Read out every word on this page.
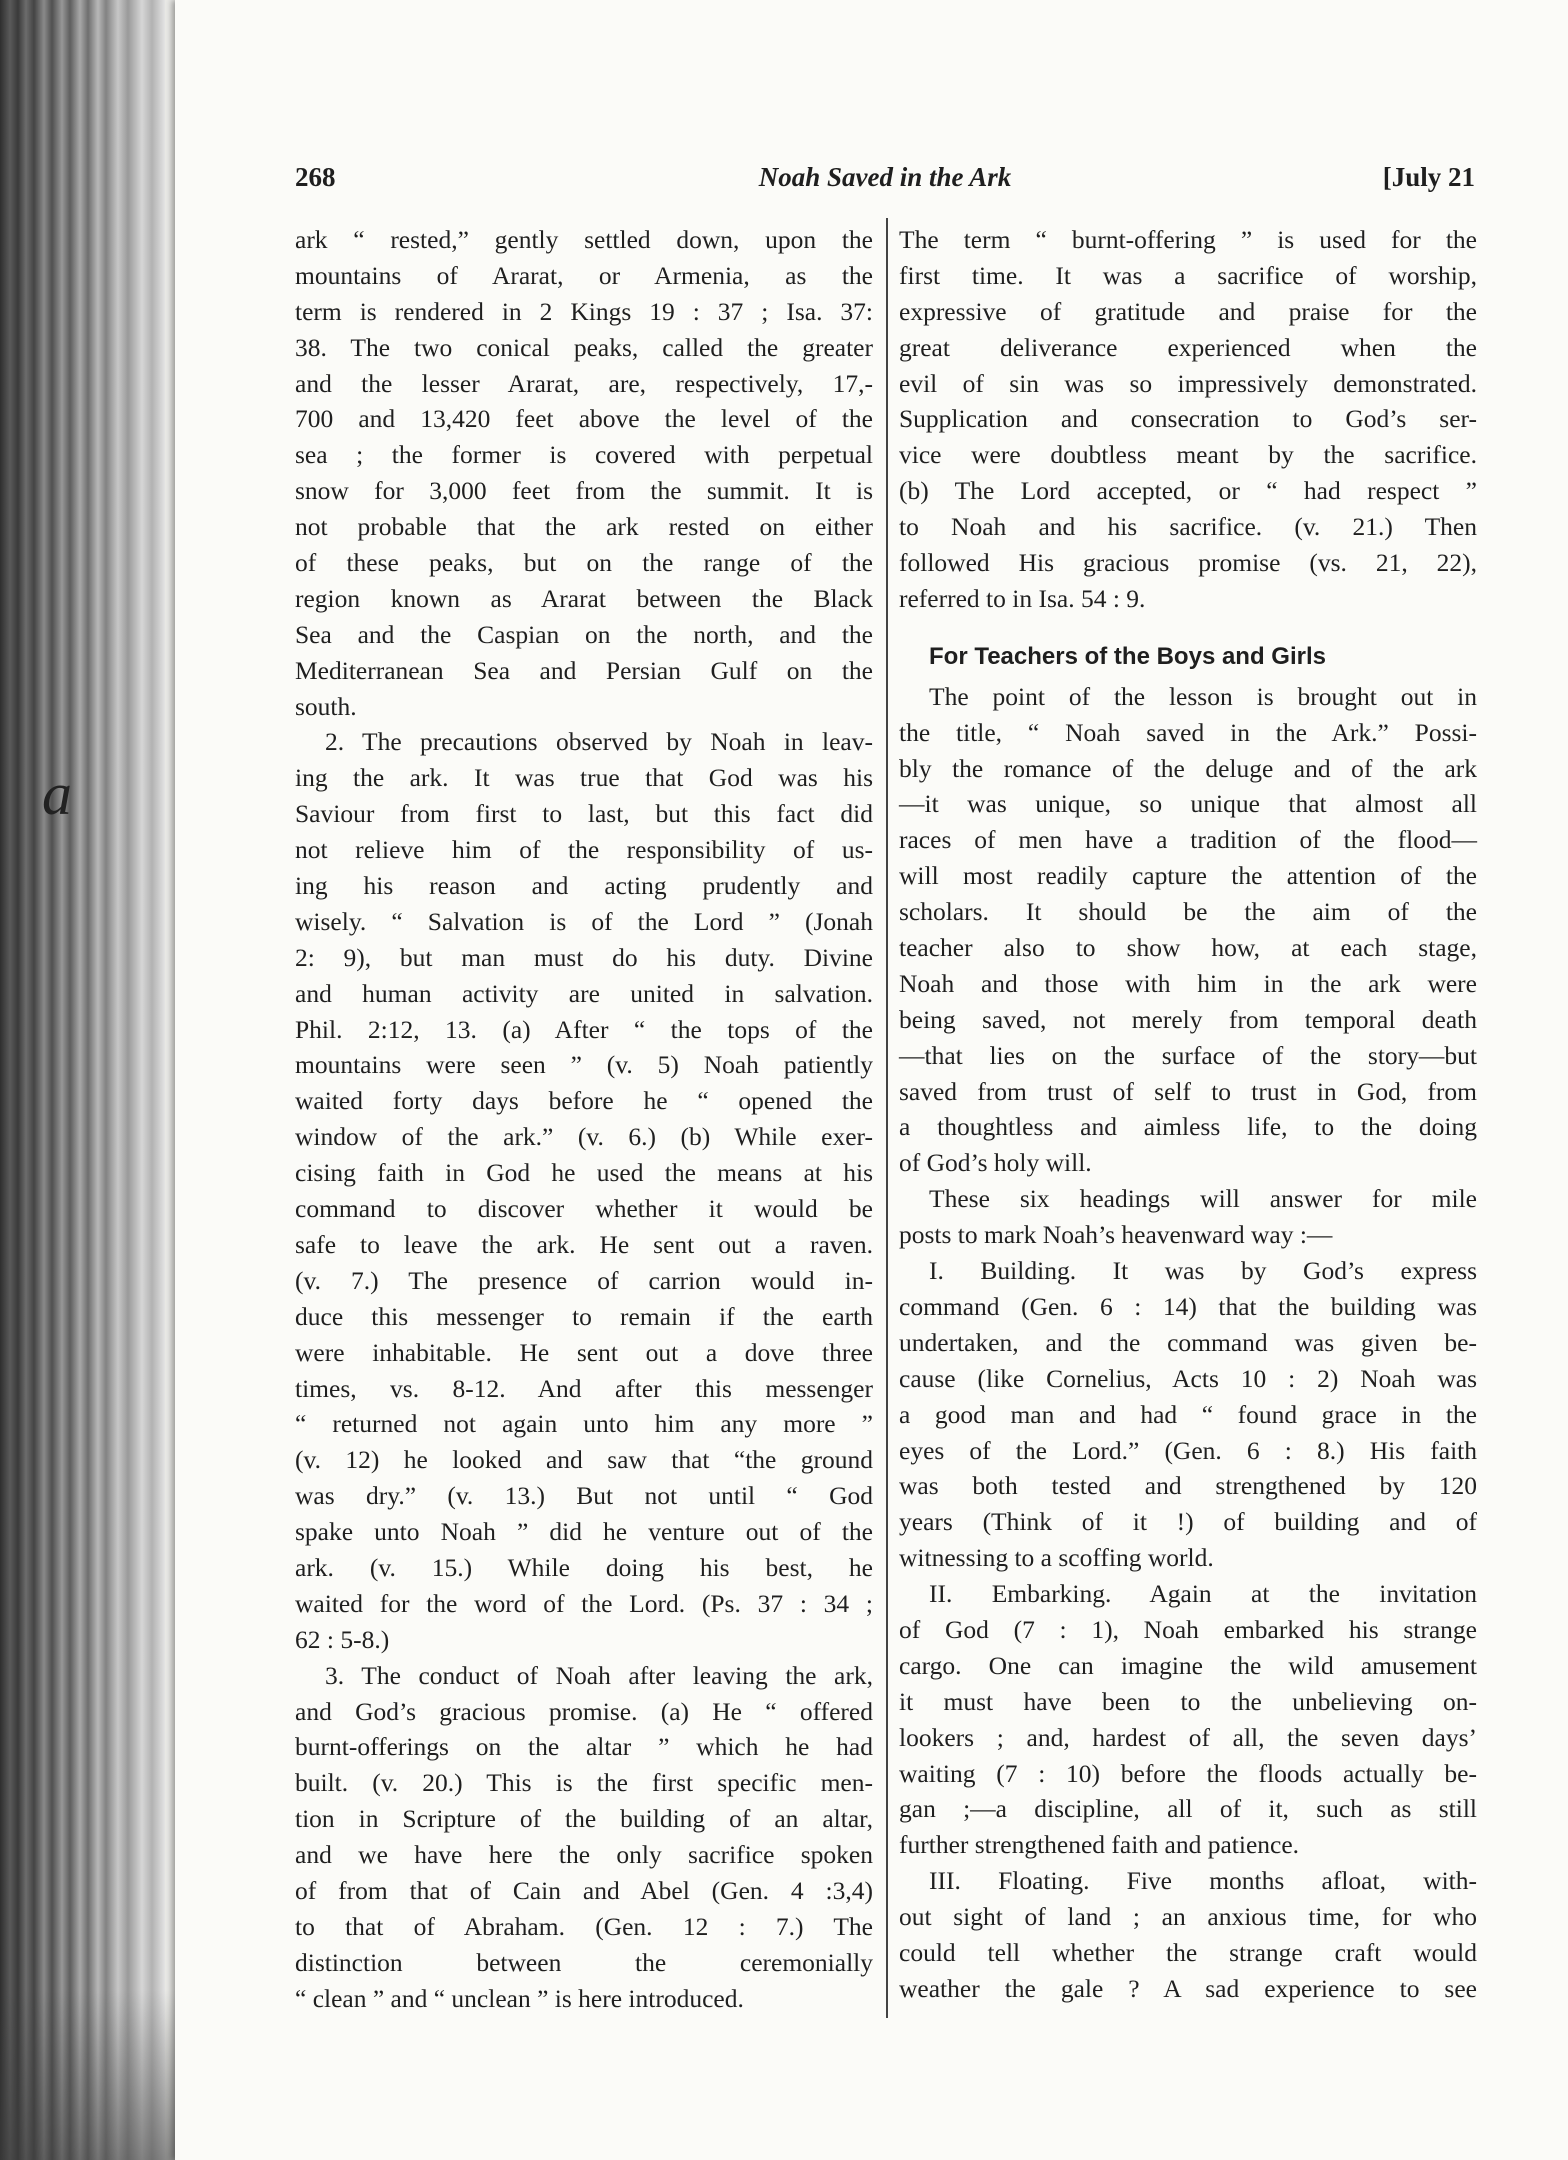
a
Noah Saved in the Ark
268	[July 21
ark “ rested,” gently settled down, upon the
mountains of Ararat, or Armenia, as the
term is rendered in 2 Kings 19 : 37 ; Isa. 37:
38. The two conical peaks, called the greater
and the lesser Ararat, are, respectively, 17,-
700 and 13,420 feet above the level of the
sea ; the former is covered with perpetual
snow for 3,000 feet from the summit. It is
not probable that the ark rested on either
of these peaks, but on the range of the
region known as Ararat between the Black
Sea and the Caspian on the north, and the
Mediterranean Sea and Persian Gulf on the
south.
2. The precautions observed by Noah in leav-
ing the ark. It was true that God was his
Saviour from first to last, but this fact did
not relieve him of the responsibility of us-
ing his reason and acting prudently and
wisely. “ Salvation is of the Lord ” (Jonah
2: 9), but man must do his duty. Divine
and human activity are united in salvation.
Phil. 2:12, 13. (a) After “ the tops of the
mountains were seen ” (v. 5) Noah patiently
waited forty days before he “ opened the
window of the ark.” (v. 6.) (b) While exer-
cising faith in God he used the means at his
command to discover whether it would be
safe to leave the ark. He sent out a raven.
(v. 7.) The presence of carrion would in-
duce this messenger to remain if the earth
were inhabitable. He sent out a dove three
times, vs. 8-12. And after this messenger
“ returned not again unto him any more ”
(v. 12) he looked and saw that “the ground
was dry.” (v. 13.) But not until “ God
spake unto Noah ” did he venture out of the
ark. (v. 15.) While doing his best, he
waited for the word of the Lord. (Ps. 37 : 34 ;
62 : 5-8.)
3. The conduct of Noah after leaving the ark,
and God’s gracious promise. (a) He “ offered
burnt-offerings on the altar ” which he had
built. (v. 20.) This is the first specific men-
tion in Scripture of the building of an altar,
and we have here the only sacrifice spoken
of from that of Cain and Abel (Gen. 4 :3,4)
to that of Abraham. (Gen. 12 : 7.) The
distinction between the ceremonially
“ clean ” and “ unclean ” is here introduced.
The term “ burnt-offering ” is used for the
first time. It was a sacrifice of worship,
expressive of gratitude and praise for the
great deliverance experienced when the
evil of sin was so impressively demonstrated.
Supplication and consecration to God’s ser-
vice were doubtless meant by the sacrifice.
(b) The Lord accepted, or “ had respect ”
to Noah and his sacrifice. (v. 21.) Then
followed His gracious promise (vs. 21, 22),
referred to in Isa. 54 : 9.
For Teachers of the Boys and Girls
The point of the lesson is brought out in
the title, “ Noah saved in the Ark.” Possi-
bly the romance of the deluge and of the ark
—it was unique, so unique that almost all
races of men have a tradition of the flood—
will most readily capture the attention of the
scholars. It should be the aim of the
teacher also to show how, at each stage,
Noah and those with him in the ark were
being saved, not merely from temporal death
—that lies on the surface of the story—but
saved from trust of self to trust in God, from
a thoughtless and aimless life, to the doing
of God’s holy will.
These six headings will answer for mile
posts to mark Noah’s heavenward way :—
I. Building. It was by God’s express
command (Gen. 6 : 14) that the building was
undertaken, and the command was given be-
cause (like Cornelius, Acts 10 : 2) Noah was
a good man and had “ found grace in the
eyes of the Lord.” (Gen. 6 : 8.) His faith
was both tested and strengthened by 120
years (Think of it !) of building and of
witnessing to a scoffing world.
II. Embarking. Again at the invitation
of God (7 : 1), Noah embarked his strange
cargo. One can imagine the wild amusement
it must have been to the unbelieving on-
lookers ; and, hardest of all, the seven days’
waiting (7 : 10) before the floods actually be-
gan ;—a discipline, all of it, such as still
further strengthened faith and patience.
III. Floating. Five months afloat, with-
out sight of land ; an anxious time, for who
could tell whether the strange craft would
weather the gale ? A sad experience to see
